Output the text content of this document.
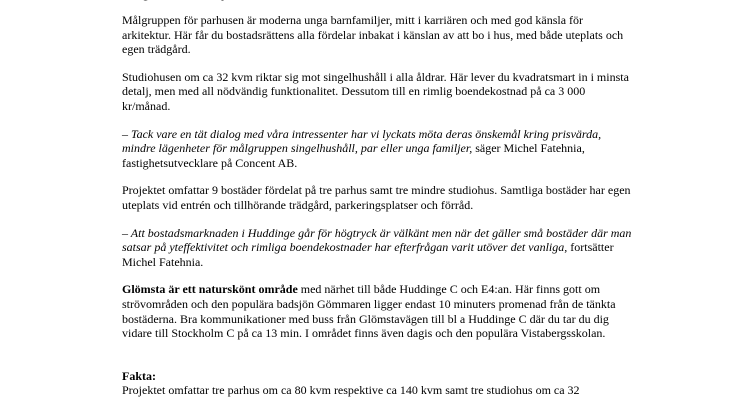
Målgruppen för parhusen är moderna unga barnfamiljer, mitt i karriären och med god känsla för arkitektur. Här får du bostadsrättens alla fördelar inbakat i känslan av att bo i hus, med både uteplats och egen trädgård.

Studiohusen om ca 32 kvm riktar sig mot singelhushåll i alla åldrar. Här lever du kvadratsmart in i minsta detalj, men med all nödvändig funktionalitet. Dessutom till en rimlig boendekostnad på ca 3 000 kr/månad.

– Tack vare en tät dialog med våra intressenter har vi lyckats möta deras önskemål kring prisvärda, mindre lägenheter för målgruppen singelhushåll, par eller unga familjer, säger Michel Fatehnia, fastighetsutvecklare på Concent AB.

Projektet omfattar 9 bostäder fördelat på tre parhus samt tre mindre studiohus. Samtliga bostäder har egen uteplats vid entrén och tillhörande trädgård, parkeringsplatser och förråd.

– Att bostadsmarknaden i Huddinge går för högtryck är välkänt men när det gäller små bostäder där man satsar på yteffektivitet och rimliga boendekostnader har efterfrågan varit utöver det vanliga, fortsätter Michel Fatehnia.

Glömsta är ett naturskönt område med närhet till både Huddinge C och E4:an. Här finns gott om strövområden och den populära badsjön Gömmaren ligger endast 10 minuters promenad från de tänkta bostäderna. Bra kommunikationer med buss från Glömstavägen till bl a Huddinge C där du tar du dig vidare till Stockholm C på ca 13 min. I området finns även dagis och den populära Vistabergsskolan.

Fakta:

Projektet omfattar tre parhus om ca 80 kvm respektive ca 140 kvm samt tre studiohus om ca 32
